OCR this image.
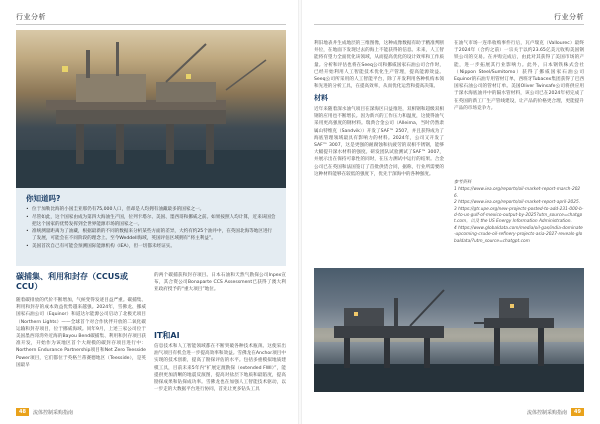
行业分析	行业分析
你知道吗?
• 位于加勒比海的小国圭亚那仍有75,000人口，但却是人均拥有油藏最多的国家之一。
• 尽管如此，这个国家由成为第四大海油生产国，位列卡塔尔、美国、墨西哥和挪威之前。如果按照人均计算，近来该国会把这个国家的优势发挥到全世界能源市场的国家之一。
• 准统测量距离为了油藏，根据最新的不同的数据来分析某些方面的差异，大约有约25个油井中，在英国北海等地区进行了发展，可能会在不同阶段的理念上。至今Weddell海域，英国评估区域拥有“将主利益”。
• 美国首次自己有可能会预测国际能源机构（IEA），但一切都未经证实。
碳捕集、利用和封存（CCUS或CCU）
随着碳排放的代价不断增加，气候变得发迹目益严重。碳捕集、利用和封存的成本效益优势越来越强。2024年，雪佛龙、挪威国家石油公司（Equinor）和道达尔能源公司启动了北极光项目（Northern Lights）——全球首个对合作伙伴开放的二氧化碳运输和封存项目，位于挪威海域。同年9月，上述三家公司位于美国墨西哥湾外近海的Bayou Bend碳捕集、利用和封存项目获准开发，开始作为该地区首个大规模的碳封存项目进行中：Northern Endurance Partnership项目和Net Zero Teesside Power项目，它们都位于英格兰蒂赛德地区（Teesside），是英国最早
的两个碳捕获和封存项目。日本石油和天然气勘探公司Inpex宣布，其合资公司Bonaparte CCS Assessment已获得了澳大利亚政府授予的“重大项目”地位。
IT和AI
信息技术和人工智能领域都在不断突破各种技术瓶颈。这使采出油气项目有机会进一步提高效率和效益。雪佛龙在Anchor项目中实现的技术创新，提高了勘探评估的水平。包括多重模拟地质建模工具，目前未来5年内“扩展定渡勘探（extended FWI）”，能提供更加清晰的地震反演图，提高对盐层下地质和最陷度，提高勘探成果和钻探成功率。雪佛龙也在加强人工智能技术驱动，以一步走的大数据平台进行协同，首先让更多钻头工具
利旧地表井生成地层的三维图像，这种成像数据有助于精准判断井位，在地面下发现过去的海上不能获得的信息。未来，人工智能将有望力全面优化该领域，从而提高优化的设计效率和工作质量。分析和评估也将在Seeq公司和挪威国家石油公司合作时，已经开始利用人工智能技术优化生产管理，提高能源效益。Seeq公司所采用的人工智能平台，除了开发利用各种机构本领和先进的分析工具，在提高效率，从而优化运营和提高决策。
材料
近年来随着深水油气项目在深海区日益推进，双相钢和超级双相钢的应用也不断增长。因为新兴的工作压力和温度，这使得油气采用更高强度的钢材料。瑞典合金公司（Alleima，当时仍然隶属山特维克（Sandvik））开发了SAF™ 2507，并且获得成为了海底管理领域最具有影响力的材料。2024年，公司又开发了SAF™ 3007，这是更强的耐腐蚀和抗疲劳的双相不锈钢，能够大幅提升深水材料的强度。研发团队试验测试了SAF™ 3007，并展示出在保持可靠性的同时，在压力测试中运行的结果。合金公司已在英国和法国签订了首批供货合同，据称，行业所需要的这种材料能够在较低的强度下，优先于深海中的各种强度。
在油气市场一连串收购事件行后，瓦卢瑞克（Vallourec）最终于2024年（合约之前）一宗关于以约23.65亿美元收购美国钢铁公司的交易。在并购完成后，由此对其获得了美国市场的产能，进一步拓展其行业影响力。此外，日本钢铁株式会社（Nippon Steel/Sumitomo）获得了挪威国家石油公司Equinor的石油专用管材订单，西班牙Tubacex集团获得了巴西国家石油公司的管材订单。美国Oliver Twinsafe公司将供应用于深水海底油井中的隔水管材料，该公司已在2024年初完成了在英国的新工厂生产管线建设，让产品的价格更合理，更能提升产品的市场竞争力。
参考资料
1 https://www.iea.org/reports/oil-market-report-march-2026.
2 https://www.iea.org/reports/oil-market-report-april-2025.
3 https://gtr.upe.org/new-projects-posted-to-add-231-000-b-d-to-us-gulf-of-mexico-output-by-2025?utm_source=chatgpt.com，以及 the US Energy Information Administration.
4 https://www.globaldata.com/media/oil-gas/india-dominate-upcoming-crude-oil-refinery-projects-asia-2027-reveals-globaldata/?utm_source=chatgpt.com
48	流体控制采购指南	流体控制采购指南	49
